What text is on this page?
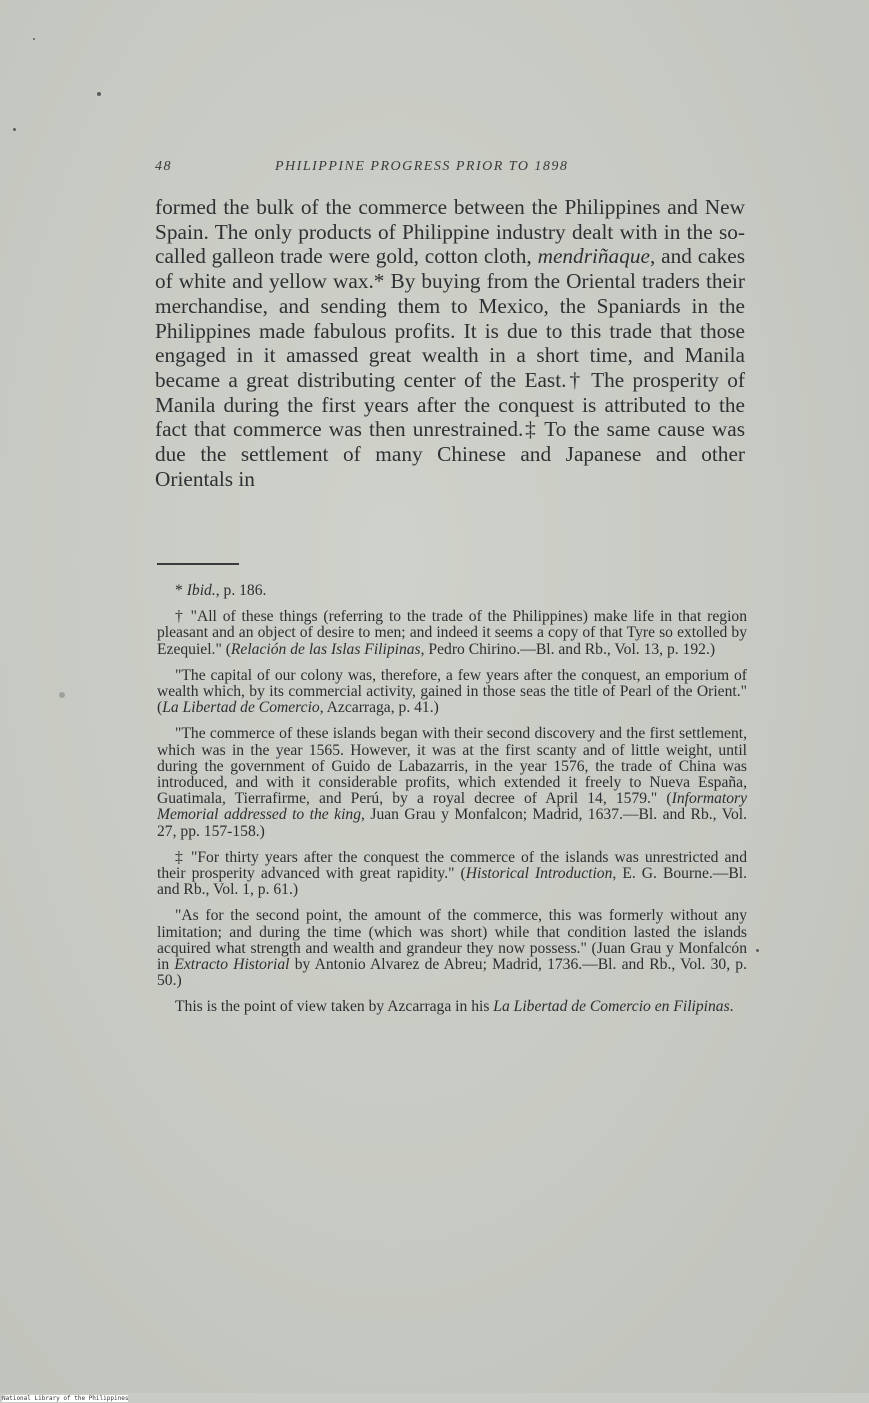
48	PHILIPPINE PROGRESS PRIOR TO 1898

formed the bulk of the commerce between the Philippines and New Spain. The only products of Philippine industry dealt with in the so-called galleon trade were gold, cotton cloth, mendriñaque, and cakes of white and yellow wax.* By buying from the Oriental traders their merchandise, and sending them to Mexico, the Spaniards in the Philippines made fabulous profits. It is due to this trade that those engaged in it amassed great wealth in a short time, and Manila became a great distributing center of the East.† The prosperity of Manila during the first years after the conquest is attributed to the fact that commerce was then unrestrained.‡ To the same cause was due the settlement of many Chinese and Japanese and other Orientals in

* Ibid., p. 186.

† "All of these things (referring to the trade of the Philippines) make life in that region pleasant and an object of desire to men; and indeed it seems a copy of that Tyre so extolled by Ezequiel." (Relación de las Islas Filipinas, Pedro Chirino.—Bl. and Rb., Vol. 13, p. 192.)

"The capital of our colony was, therefore, a few years after the conquest, an emporium of wealth which, by its commercial activity, gained in those seas the title of Pearl of the Orient." (La Libertad de Comercio, Azcarraga, p. 41.)

"The commerce of these islands began with their second discovery and the first settlement, which was in the year 1565. However, it was at the first scanty and of little weight, until during the government of Guido de Labazarris, in the year 1576, the trade of China was introduced, and with it considerable profits, which extended it freely to Nueva España, Guatimala, Tierrafirme, and Perú, by a royal decree of April 14, 1579." (Informatory Memorial addressed to the king, Juan Grau y Monfalcon; Madrid, 1637.—Bl. and Rb., Vol. 27, pp. 157-158.)

‡ "For thirty years after the conquest the commerce of the islands was unrestricted and their prosperity advanced with great rapidity." (Historical Introduction, E. G. Bourne.—Bl. and Rb., Vol. 1, p. 61.)

"As for the second point, the amount of the commerce, this was formerly without any limitation; and during the time (which was short) while that condition lasted the islands acquired what strength and wealth and grandeur they now possess." (Juan Grau y Monfalcón in Extracto Historial by Antonio Alvarez de Abreu; Madrid, 1736.—Bl. and Rb., Vol. 30, p. 50.)

This is the point of view taken by Azcarraga in his La Libertad de Comercio en Filipinas.

National Library of the Philippines
